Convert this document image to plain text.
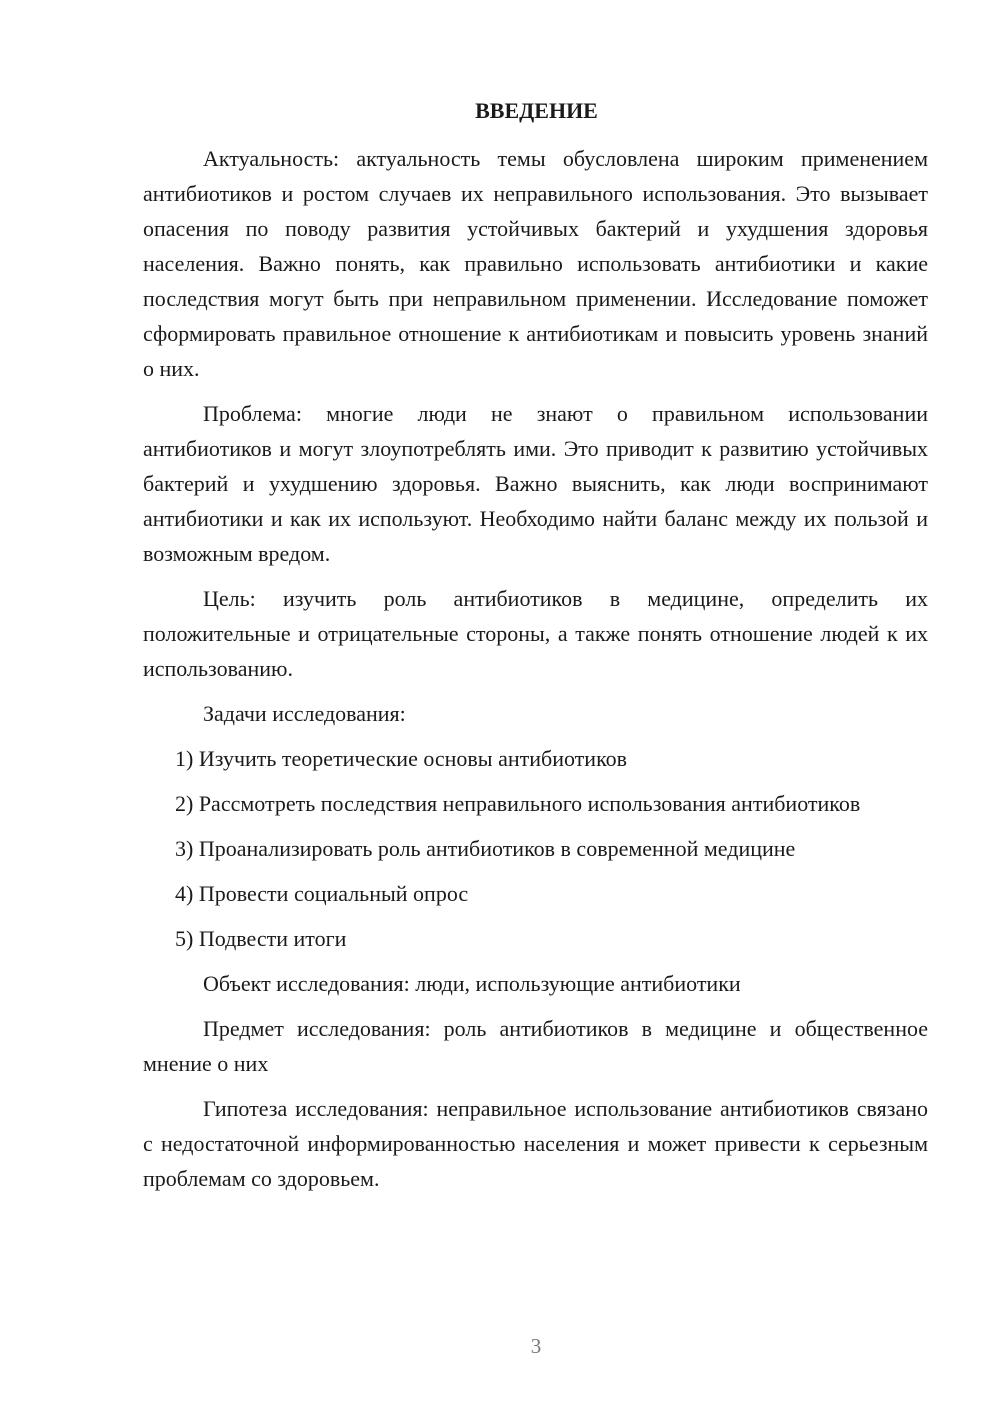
ВВЕДЕНИЕ

Актуальность: актуальность темы обусловлена широким применением антибиотиков и ростом случаев их неправильного использования. Это вызывает опасения по поводу развития устойчивых бактерий и ухудшения здоровья населения. Важно понять, как правильно использовать антибиотики и какие последствия могут быть при неправильном применении. Исследование поможет сформировать правильное отношение к антибиотикам и повысить уровень знаний о них.

Проблема: многие люди не знают о правильном использовании антибиотиков и могут злоупотреблять ими. Это приводит к развитию устойчивых бактерий и ухудшению здоровья. Важно выяснить, как люди воспринимают антибиотики и как их используют. Необходимо найти баланс между их пользой и возможным вредом.

Цель: изучить роль антибиотиков в медицине, определить их положительные и отрицательные стороны, а также понять отношение людей к их использованию.

Задачи исследования:

1) Изучить теоретические основы антибиотиков

2) Рассмотреть последствия неправильного использования антибиотиков

3) Проанализировать роль антибиотиков в современной медицине

4) Провести социальный опрос

5) Подвести итоги

Объект исследования: люди, использующие антибиотики

Предмет исследования: роль антибиотиков в медицине и общественное мнение о них

Гипотеза исследования: неправильное использование антибиотиков связано с недостаточной информированностью населения и может привести к серьезным проблемам со здоровьем.

3
